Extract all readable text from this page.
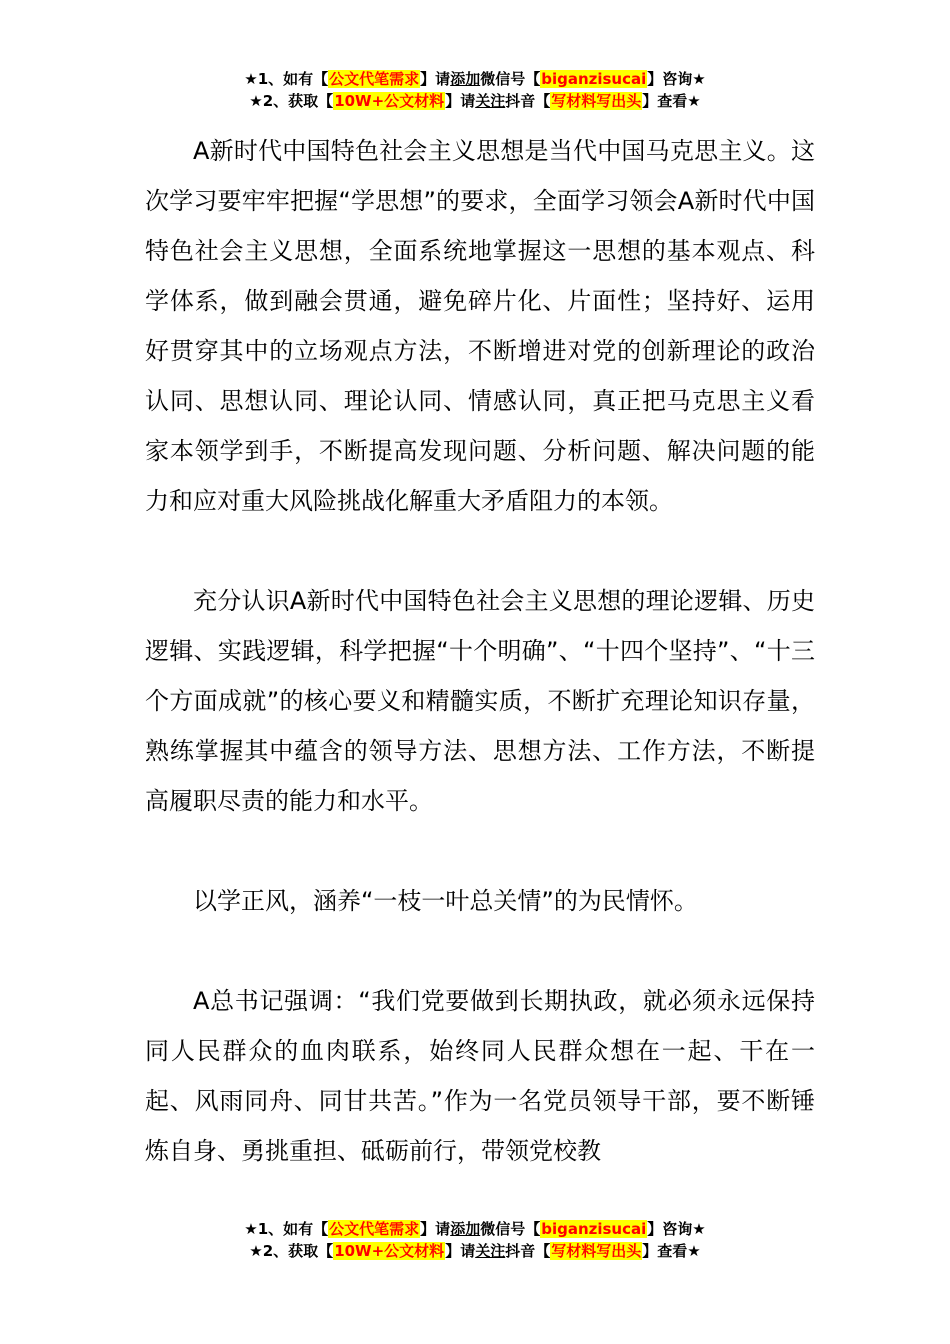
★1、如有【公文代笔需求】请添加微信号【biganzisucai】咨询★
★2、获取【10W+公文材料】请关注抖音【写材料写出头】查看★

A新时代中国特色社会主义思想是当代中国马克思主义。这次学习要牢牢把握“学思想”的要求，全面学习领会A新时代中国特色社会主义思想，全面系统地掌握这一思想的基本观点、科学体系，做到融会贯通，避免碎片化、片面性；坚持好、运用好贯穿其中的立场观点方法，不断增进对党的创新理论的政治认同、思想认同、理论认同、情感认同，真正把马克思主义看家本领学到手，不断提高发现问题、分析问题、解决问题的能力和应对重大风险挑战化解重大矛盾阻力的本领。

充分认识A新时代中国特色社会主义思想的理论逻辑、历史逻辑、实践逻辑，科学把握“十个明确”、“十四个坚持”、“十三个方面成就”的核心要义和精髓实质，不断扩充理论知识存量，熟练掌握其中蕴含的领导方法、思想方法、工作方法，不断提高履职尽责的能力和水平。

以学正风，涵养“一枝一叶总关情”的为民情怀。

A总书记强调：“我们党要做到长期执政，就必须永远保持同人民群众的血肉联系，始终同人民群众想在一起、干在一起、风雨同舟、同甘共苦。”作为一名党员领导干部，要不断锤炼自身、勇挑重担、砥砺前行，带领党校教

★1、如有【公文代笔需求】请添加微信号【biganzisucai】咨询★
★2、获取【10W+公文材料】请关注抖音【写材料写出头】查看★
